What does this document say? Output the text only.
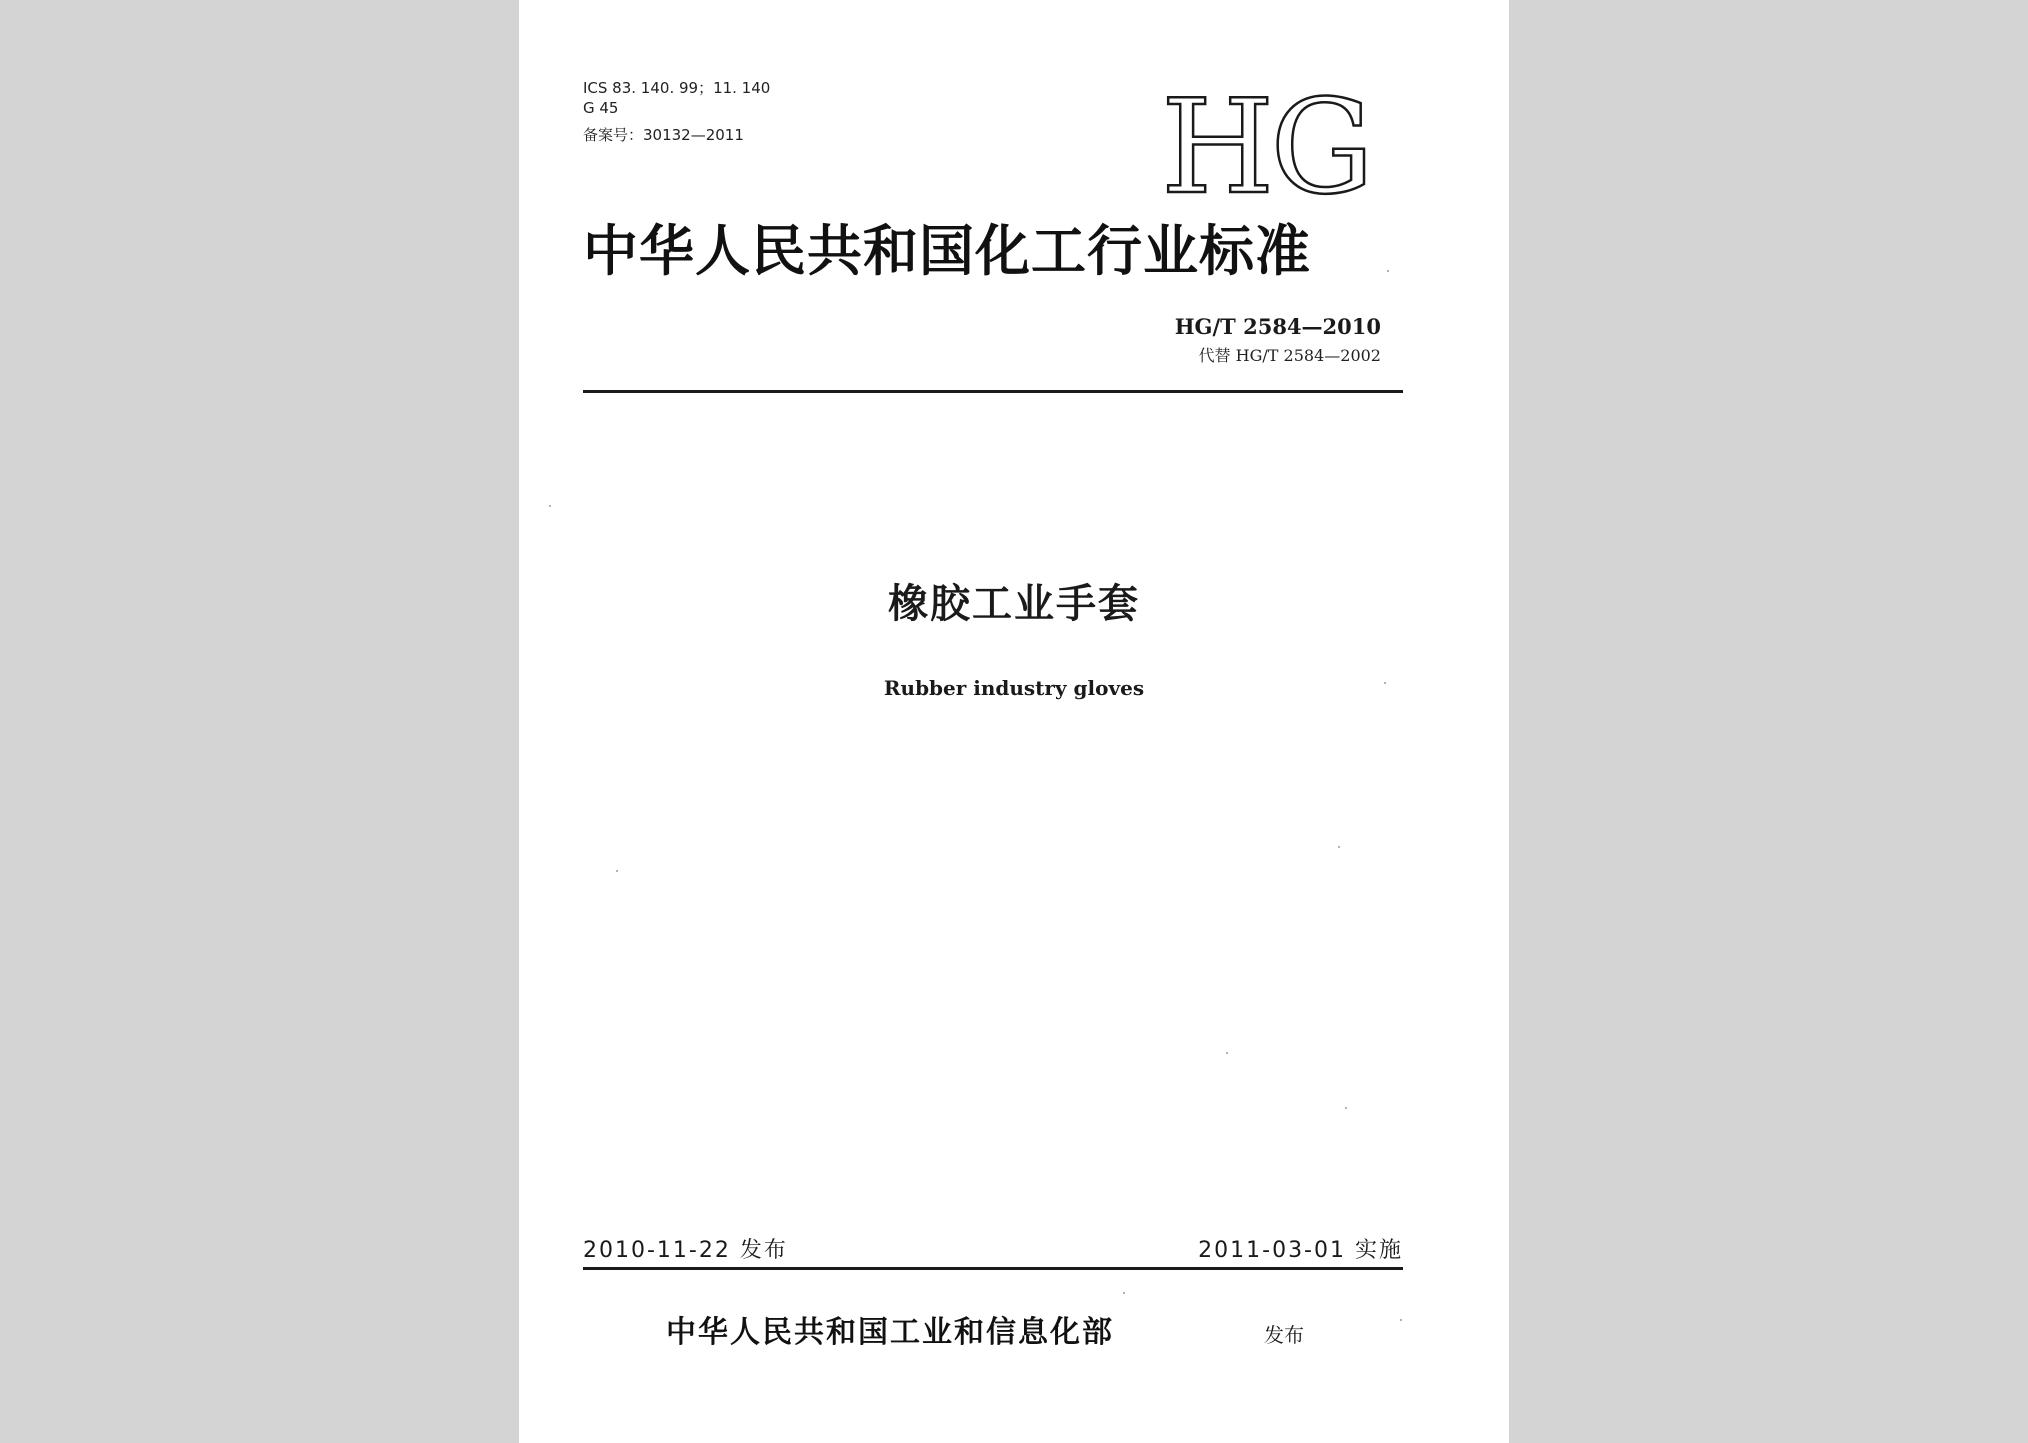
ICS 83. 140. 99；11. 140
G 45
备案号：30132—2011	HG
中华人民共和国化工行业标准
HG/T 2584—2010
代替 HG/T 2584—2002
橡胶工业手套
Rubber industry gloves
2010-11-22 发布	2011-03-01 实施
中华人民共和国工业和信息化部	发布
